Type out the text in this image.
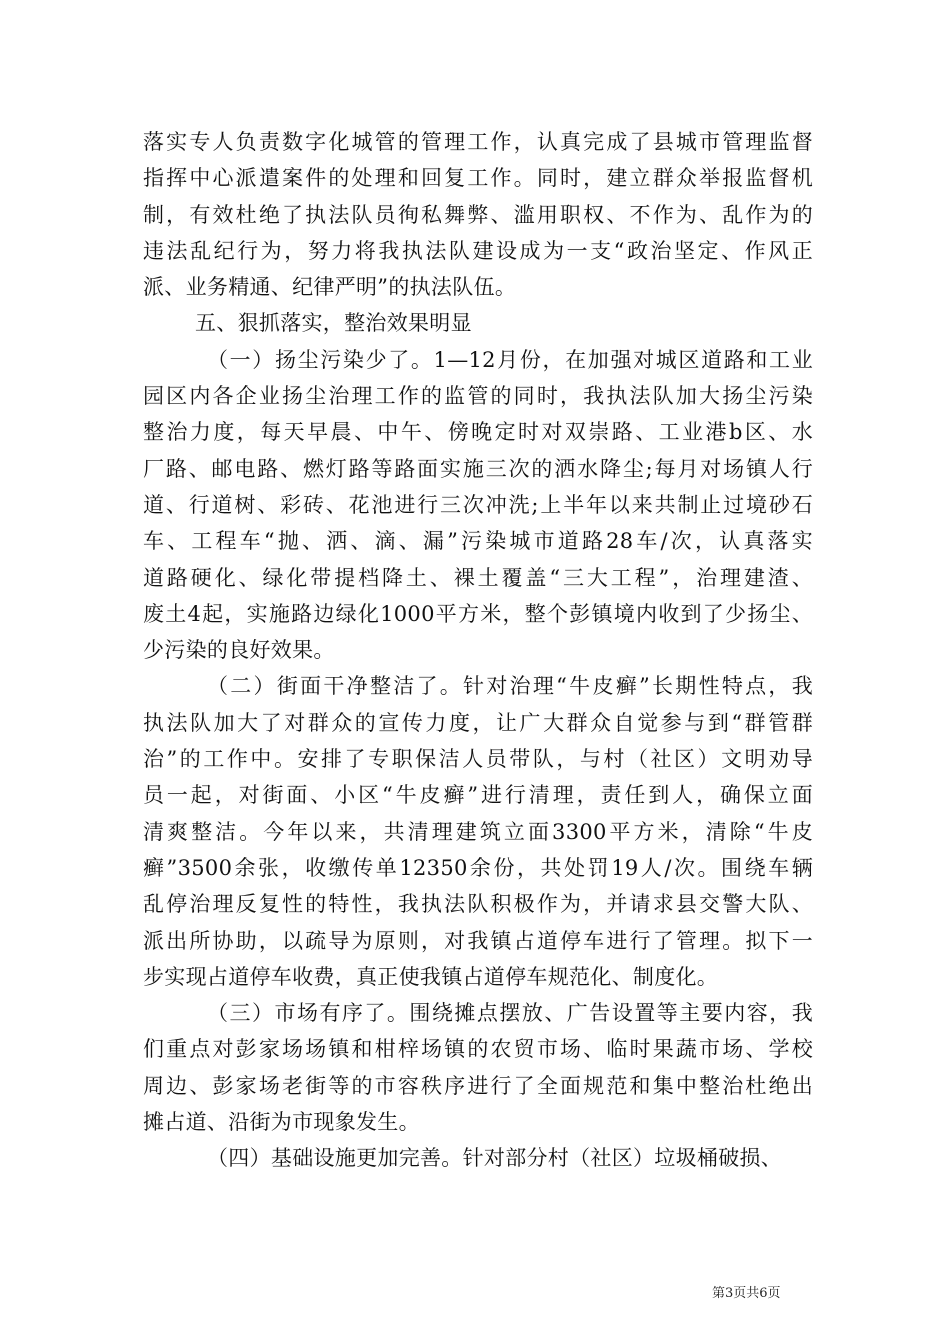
落实专人负责数字化城管的管理工作，认真完成了县城市管理监督
指挥中心派遣案件的处理和回复工作。同时，建立群众举报监督机
制，有效杜绝了执法队员徇私舞弊、滥用职权、不作为、乱作为的
违法乱纪行为，努力将我执法队建设成为一支“政治坚定、作风正
派、业务精通、纪律严明”的执法队伍。

五、狠抓落实，整治效果明显

（一）扬尘污染少了。1—12月份，在加强对城区道路和工业
园区内各企业扬尘治理工作的监管的同时，我执法队加大扬尘污染
整治力度，每天早晨、中午、傍晚定时对双崇路、工业港b区、水
厂路、邮电路、燃灯路等路面实施三次的洒水降尘;每月对场镇人行
道、行道树、彩砖、花池进行三次冲洗;上半年以来共制止过境砂石
车、工程车“抛、洒、滴、漏”污染城市道路28车/次，认真落实
道路硬化、绿化带提档降土、裸土覆盖“三大工程”，治理建渣、
废土4起，实施路边绿化1000平方米，整个彭镇境内收到了少扬尘、
少污染的良好效果。

（二）街面干净整洁了。针对治理“牛皮癣”长期性特点，我
执法队加大了对群众的宣传力度，让广大群众自觉参与到“群管群
治”的工作中。安排了专职保洁人员带队，与村（社区）文明劝导
员一起，对街面、小区“牛皮癣”进行清理，责任到人，确保立面
清爽整洁。今年以来，共清理建筑立面3300平方米，清除“牛皮
癣”3500余张，收缴传单12350余份，共处罚19人/次。围绕车辆
乱停治理反复性的特性，我执法队积极作为，并请求县交警大队、
派出所协助，以疏导为原则，对我镇占道停车进行了管理。拟下一
步实现占道停车收费，真正使我镇占道停车规范化、制度化。

（三）市场有序了。围绕摊点摆放、广告设置等主要内容，我
们重点对彭家场场镇和柑梓场镇的农贸市场、临时果蔬市场、学校
周边、彭家场老街等的市容秩序进行了全面规范和集中整治杜绝出
摊占道、沿街为市现象发生。

（四）基础设施更加完善。针对部分村（社区）垃圾桶破损、

第3页共6页
